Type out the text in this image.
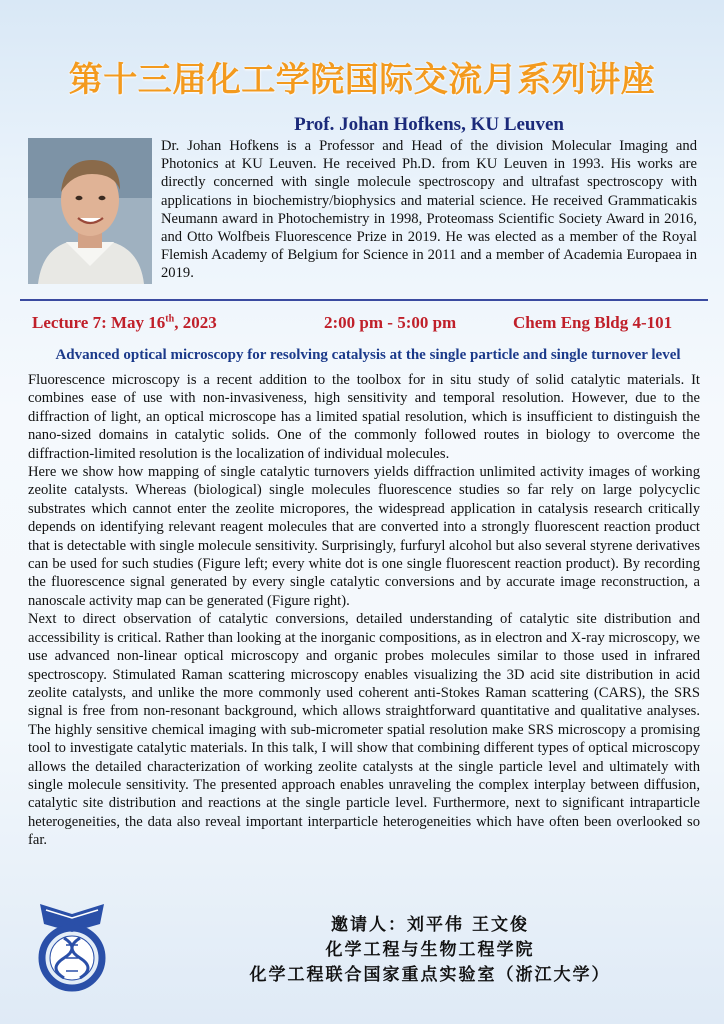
第十三届化工学院国际交流月系列讲座
Prof. Johan Hofkens, KU Leuven
Dr. Johan Hofkens is a Professor and Head of the division Molecular Imaging and Photonics at KU Leuven. He received Ph.D. from KU Leuven in 1993. His works are directly concerned with single molecule spectroscopy and ultrafast spectroscopy with applications in biochemistry/biophysics and material science. He received Grammaticakis Neumann award in Photochemistry in 1998, Proteomass Scientific Society Award in 2016, and Otto Wolfbeis Fluorescence Prize in 2019. He was elected as a member of the Royal Flemish Academy of Belgium for Science in 2011 and a member of Academia Europaea in 2019.
Lecture 7: May 16th, 2023	2:00 pm - 5:00 pm	Chem Eng Bldg 4-101
Advanced optical microscopy for resolving catalysis at the single particle and single turnover level

Fluorescence microscopy is a recent addition to the toolbox for in situ study of solid catalytic materials. It combines ease of use with non-invasiveness, high sensitivity and temporal resolution. However, due to the diffraction of light, an optical microscope has a limited spatial resolution, which is insufficient to distinguish the nano-sized domains in catalytic solids. One of the commonly followed routes in biology to overcome the diffraction-limited resolution is the localization of individual molecules.

Here we show how mapping of single catalytic turnovers yields diffraction unlimited activity images of working zeolite catalysts. Whereas (biological) single molecules fluorescence studies so far rely on large polycyclic substrates which cannot enter the zeolite micropores, the widespread application in catalysis research critically depends on identifying relevant reagent molecules that are converted into a strongly fluorescent reaction product that is detectable with single molecule sensitivity. Surprisingly, furfuryl alcohol but also several styrene derivatives can be used for such studies (Figure left; every white dot is one single fluorescent reaction product). By recording the fluorescence signal generated by every single catalytic conversions and by accurate image reconstruction, a nanoscale activity map can be generated (Figure right).

Next to direct observation of catalytic conversions, detailed understanding of catalytic site distribution and accessibility is critical. Rather than looking at the inorganic compositions, as in electron and X-ray microscopy, we use advanced non-linear optical microscopy and organic probes molecules similar to those used in infrared spectroscopy. Stimulated Raman scattering microscopy enables visualizing the 3D acid site distribution in acid zeolite catalysts, and unlike the more commonly used coherent anti-Stokes Raman scattering (CARS), the SRS signal is free from non-resonant background, which allows straightforward quantitative and qualitative analyses. The highly sensitive chemical imaging with sub-micrometer spatial resolution make SRS microscopy a promising tool to investigate catalytic materials. In this talk, I will show that combining different types of optical microscopy allows the detailed characterization of working zeolite catalysts at the single particle level and ultimately with single molecule sensitivity. The presented approach enables unraveling the complex interplay between diffusion, catalytic site distribution and reactions at the single particle level. Furthermore, next to significant intraparticle heterogeneities, the data also reveal important interparticle heterogeneities which have often been overlooked so far.

邀请人：刘平伟 王文俊
化学工程与生物工程学院
化学工程联合国家重点实验室（浙江大学）
